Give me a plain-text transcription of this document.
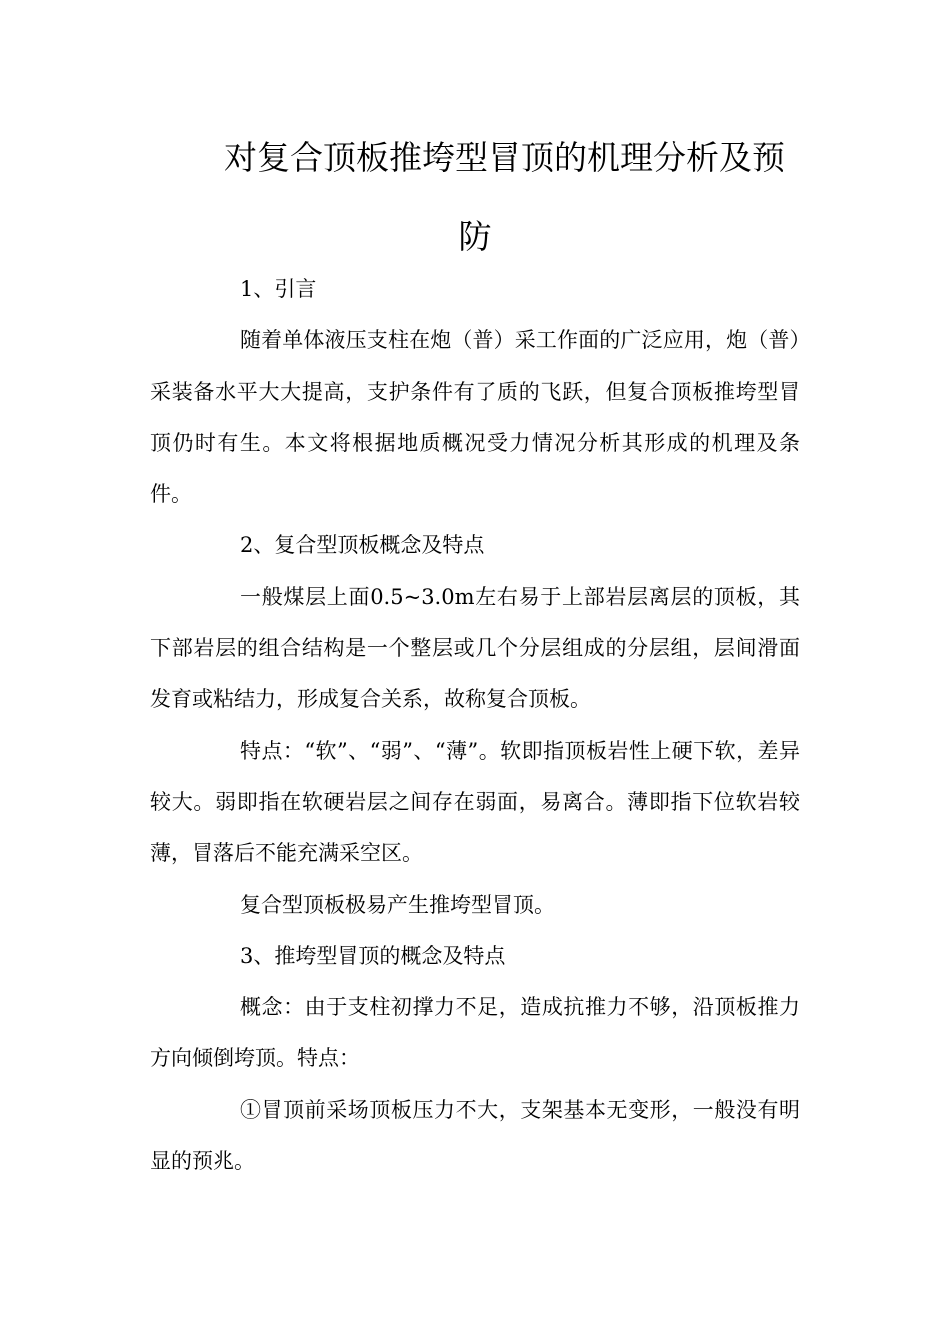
对复合顶板推垮型冒顶的机理分析及预
防

1、引言

随着单体液压支柱在炮（普）采工作面的广泛应用，炮（普）采装备水平大大提高，支护条件有了质的飞跃，但复合顶板推垮型冒顶仍时有生。本文将根据地质概况受力情况分析其形成的机理及条件。

2、复合型顶板概念及特点

一般煤层上面0.5~3.0m左右易于上部岩层离层的顶板，其下部岩层的组合结构是一个整层或几个分层组成的分层组，层间滑面发育或粘结力，形成复合关系，故称复合顶板。

特点：“软”、“弱”、“薄”。软即指顶板岩性上硬下软，差异较大。弱即指在软硬岩层之间存在弱面，易离合。薄即指下位软岩较薄，冒落后不能充满采空区。

复合型顶板极易产生推垮型冒顶。

3、推垮型冒顶的概念及特点

概念：由于支柱初撑力不足，造成抗推力不够，沿顶板推力方向倾倒垮顶。特点：

①冒顶前采场顶板压力不大，支架基本无变形，一般没有明显的预兆。
